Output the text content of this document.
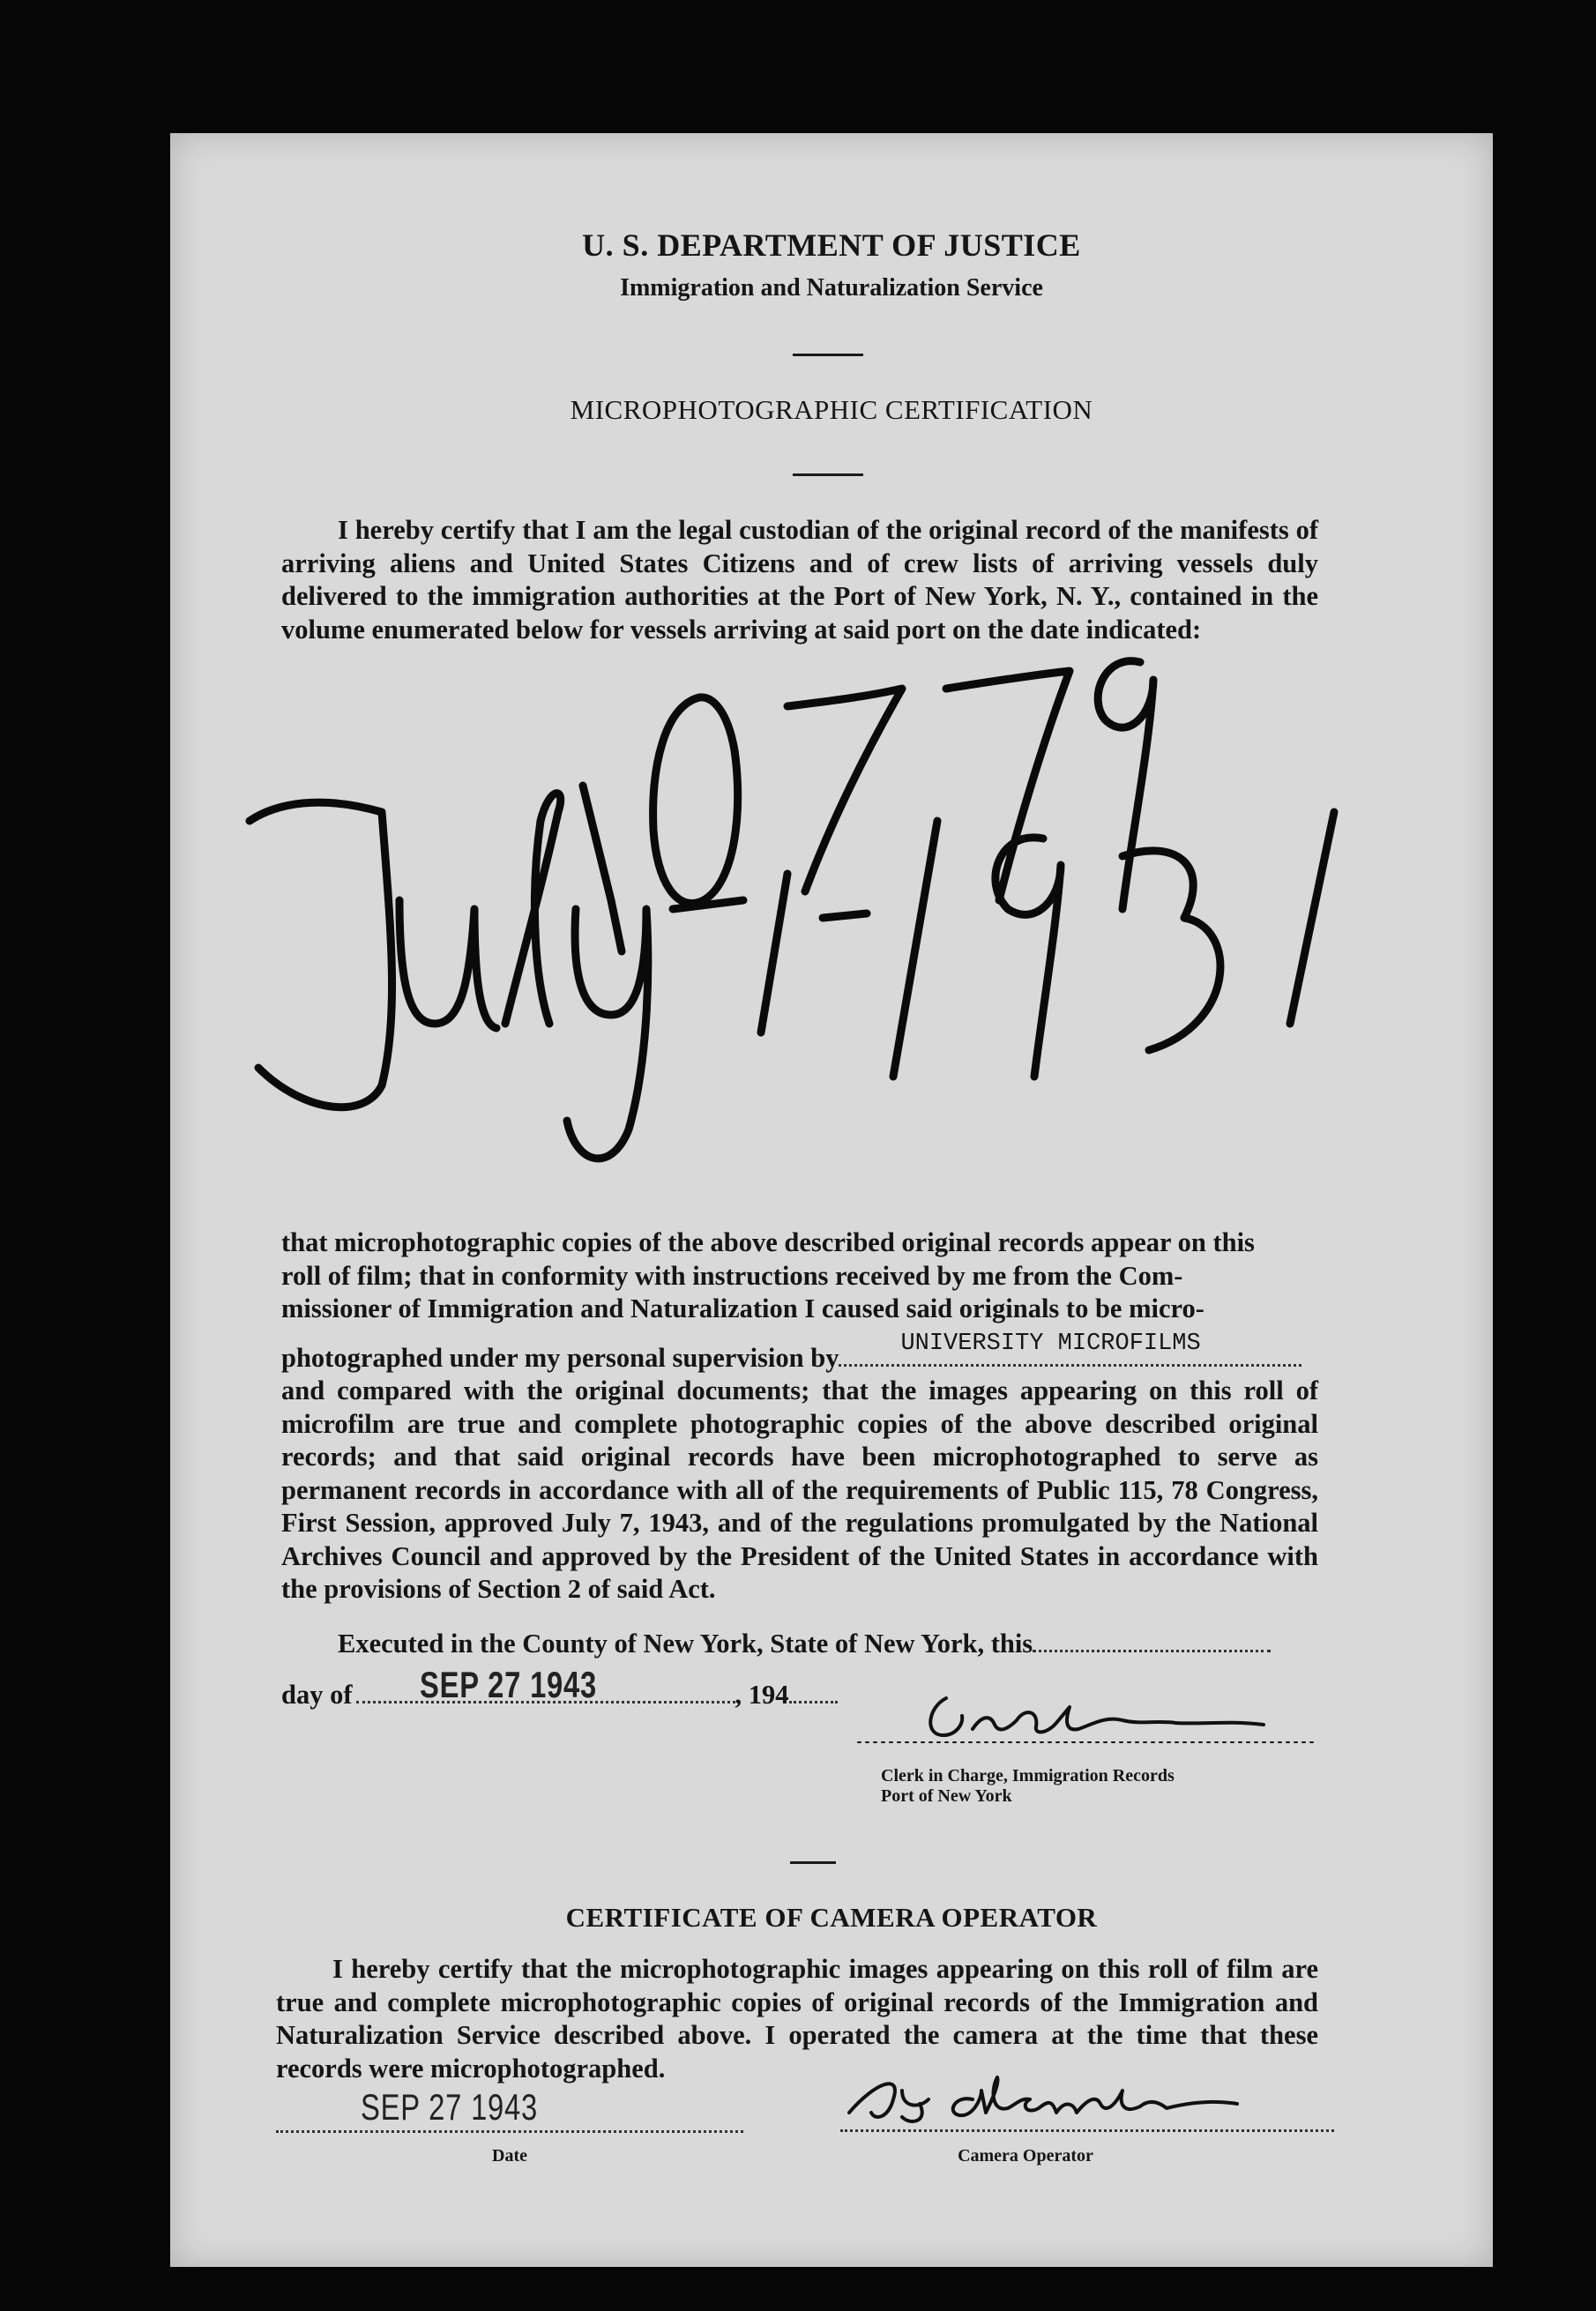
U. S. DEPARTMENT OF JUSTICE
Immigration and Naturalization Service
MICROPHOTOGRAPHIC CERTIFICATION
I hereby certify that I am the legal custodian of the original record of the manifests of arriving aliens and United States Citizens and of crew lists of arriving vessels duly delivered to the immigration authorities at the Port of New York, N. Y., contained in the volume enumerated below for vessels arriving at said port on the date indicated:

that microphotographic copies of the above described original records appear on this

roll of film; that in conformity with instructions received by me from the Com-

missioner of Immigration and Naturalization I caused said originals to be micro-

photographed under my personal supervision by	UNIVERSITY MICROFILMS
and compared with the original documents; that the images appearing on this roll of microfilm are true and complete photographic copies of the above described original records; and that said original records have been microphotographed to serve as permanent records in accordance with all of the requirements of Public 115, 78 Congress, First Session, approved July 7, 1943, and of the regulations promulgated by the National Archives Council and approved by the President of the United States in accordance with the provisions of Section 2 of said Act.
Executed in the County of New York, State of New York, this
day of SEP 27 1943	, 194
Clerk in Charge, Immigration Records
Port of New York
CERTIFICATE OF CAMERA OPERATOR
I hereby certify that the microphotographic images appearing on this roll of film are true and complete microphotographic copies of original records of the Immigration and Naturalization Service described above. I operated the camera at the time that these records were microphotographed.
SEP 27 1943
Date	Camera Operator
